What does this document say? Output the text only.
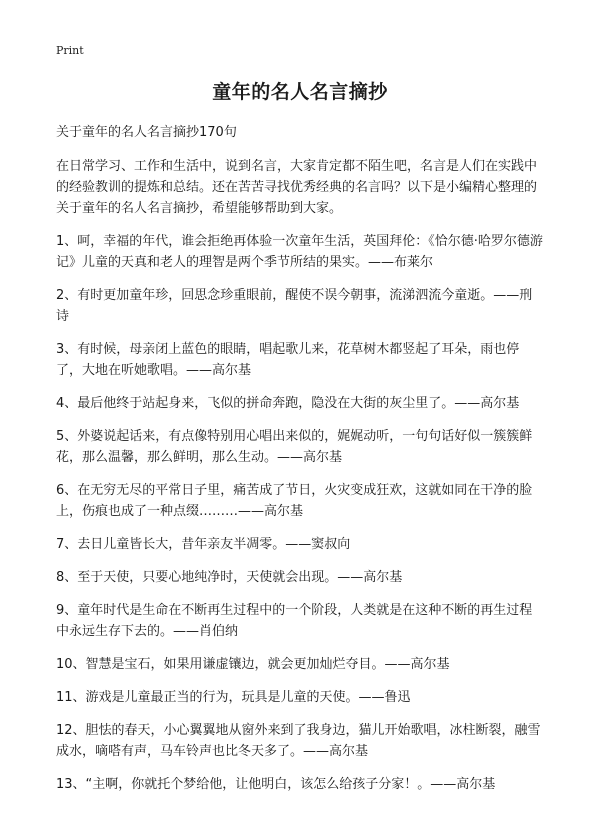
Print
童年的名人名言摘抄
关于童年的名人名言摘抄170句

在日常学习、工作和生活中，说到名言，大家肯定都不陌生吧，名言是人们在实践中的经验教训的提炼和总结。还在苦苦寻找优秀经典的名言吗？以下是小编精心整理的关于童年的名人名言摘抄，希望能够帮助到大家。

1、呵，幸福的年代，谁会拒绝再体验一次童年生活，英国拜伦：《恰尔德·哈罗尔德游记》儿童的天真和老人的理智是两个季节所结的果实。——布莱尔
2、有时更加童年珍，回思念珍重眼前，醒使不误今朝事，流涕泗流今童逝。——刑诗
3、有时候，母亲闭上蓝色的眼睛，唱起歌儿来，花草树木都竖起了耳朵，雨也停了，大地在听她歌唱。——高尔基
4、最后他终于站起身来，飞似的拼命奔跑，隐没在大街的灰尘里了。——高尔基
5、外婆说起话来，有点像特别用心唱出来似的，娓娓动听，一句句话好似一簇簇鲜花，那么温馨，那么鲜明，那么生动。——高尔基
6、在无穷无尽的平常日子里，痛苦成了节日，火灾变成狂欢，这就如同在干净的脸上，伤痕也成了一种点缀………——高尔基
7、去日儿童皆长大，昔年亲友半凋零。——窦叔向
8、至于天使，只要心地纯净时，天使就会出现。——高尔基
9、童年时代是生命在不断再生过程中的一个阶段，人类就是在这种不断的再生过程中永远生存下去的。——肖伯纳
10、智慧是宝石，如果用谦虚镶边，就会更加灿烂夺目。——高尔基
11、游戏是儿童最正当的行为，玩具是儿童的天使。——鲁迅
12、胆怯的春天，小心翼翼地从窗外来到了我身边，猫儿开始歌唱，冰柱断裂，融雪成水，嘀嗒有声，马车铃声也比冬天多了。——高尔基
13、“主啊，你就托个梦给他，让他明白，该怎么给孩子分家！。——高尔基
